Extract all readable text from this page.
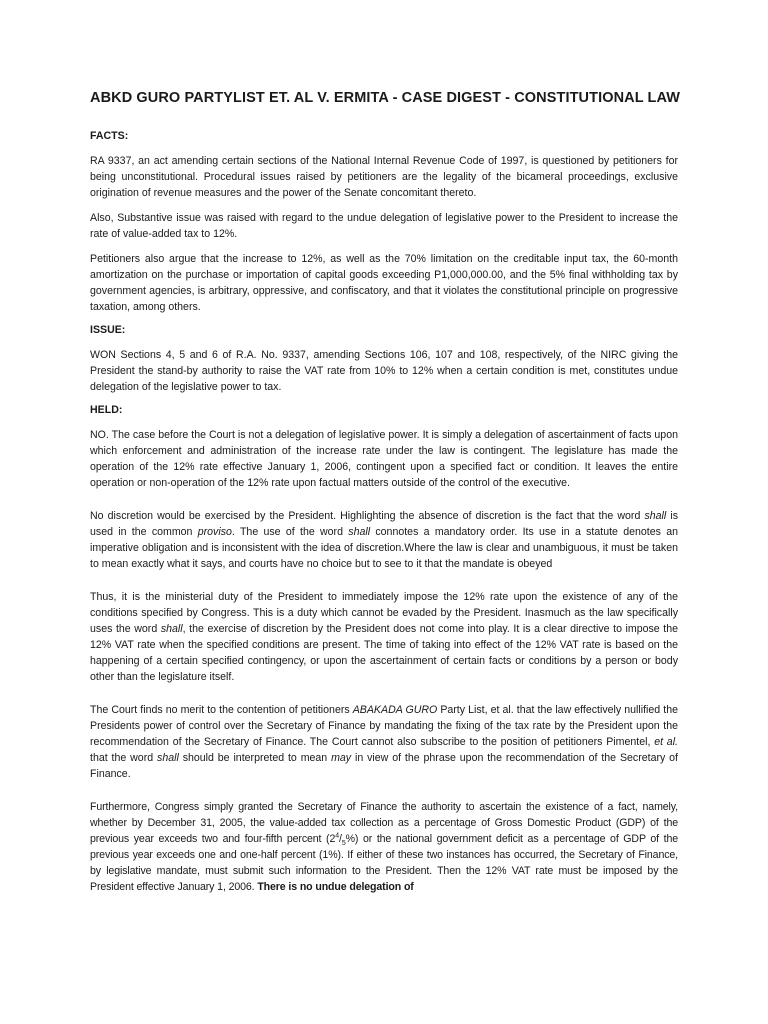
ABKD GURO PARTYLIST ET. AL V. ERMITA - CASE DIGEST - CONSTITUTIONAL LAW
FACTS:

RA 9337, an act amending certain sections of the National Internal Revenue Code of 1997, is questioned by petitioners for being unconstitutional. Procedural issues raised by petitioners are the legality of the bicameral proceedings, exclusive origination of revenue measures and the power of the Senate concomitant thereto.

Also, Substantive issue was raised with regard to the undue delegation of legislative power to the President to increase the rate of value-added tax to 12%.

Petitioners also argue that the increase to 12%, as well as the 70% limitation on the creditable input tax, the 60-month amortization on the purchase or importation of capital goods exceeding P1,000,000.00, and the 5% final withholding tax by government agencies, is arbitrary, oppressive, and confiscatory, and that it violates the constitutional principle on progressive taxation, among others.

ISSUE:

WON Sections 4, 5 and 6 of R.A. No. 9337, amending Sections 106, 107 and 108, respectively, of the NIRC giving the President the stand-by authority to raise the VAT rate from 10% to 12% when a certain condition is met, constitutes undue delegation of the legislative power to tax.

HELD:

NO. The case before the Court is not a delegation of legislative power. It is simply a delegation of ascertainment of facts upon which enforcement and administration of the increase rate under the law is contingent. The legislature has made the operation of the 12% rate effective January 1, 2006, contingent upon a specified fact or condition. It leaves the entire operation or non-operation of the 12% rate upon factual matters outside of the control of the executive.

No discretion would be exercised by the President. Highlighting the absence of discretion is the fact that the word shall is used in the common proviso. The use of the word shall connotes a mandatory order. Its use in a statute denotes an imperative obligation and is inconsistent with the idea of discretion.Where the law is clear and unambiguous, it must be taken to mean exactly what it says, and courts have no choice but to see to it that the mandate is obeyed

Thus, it is the ministerial duty of the President to immediately impose the 12% rate upon the existence of any of the conditions specified by Congress. This is a duty which cannot be evaded by the President. Inasmuch as the law specifically uses the word shall, the exercise of discretion by the President does not come into play. It is a clear directive to impose the 12% VAT rate when the specified conditions are present. The time of taking into effect of the 12% VAT rate is based on the happening of a certain specified contingency, or upon the ascertainment of certain facts or conditions by a person or body other than the legislature itself.

The Court finds no merit to the contention of petitioners ABAKADA GURO Party List, et al. that the law effectively nullified the Presidents power of control over the Secretary of Finance by mandating the fixing of the tax rate by the President upon the recommendation of the Secretary of Finance. The Court cannot also subscribe to the position of petitioners Pimentel, et al. that the word shall should be interpreted to mean may in view of the phrase upon the recommendation of the Secretary of Finance.

Furthermore, Congress simply granted the Secretary of Finance the authority to ascertain the existence of a fact, namely, whether by December 31, 2005, the value-added tax collection as a percentage of Gross Domestic Product (GDP) of the previous year exceeds two and four-fifth percent $(2^4/_5\%)$ or the national government deficit as a percentage of GDP of the previous year exceeds one and one-half percent (1%). If either of these two instances has occurred, the Secretary of Finance, by legislative mandate, must submit such information to the President. Then the 12% VAT rate must be imposed by the President effective January 1, 2006. There is no undue delegation of
